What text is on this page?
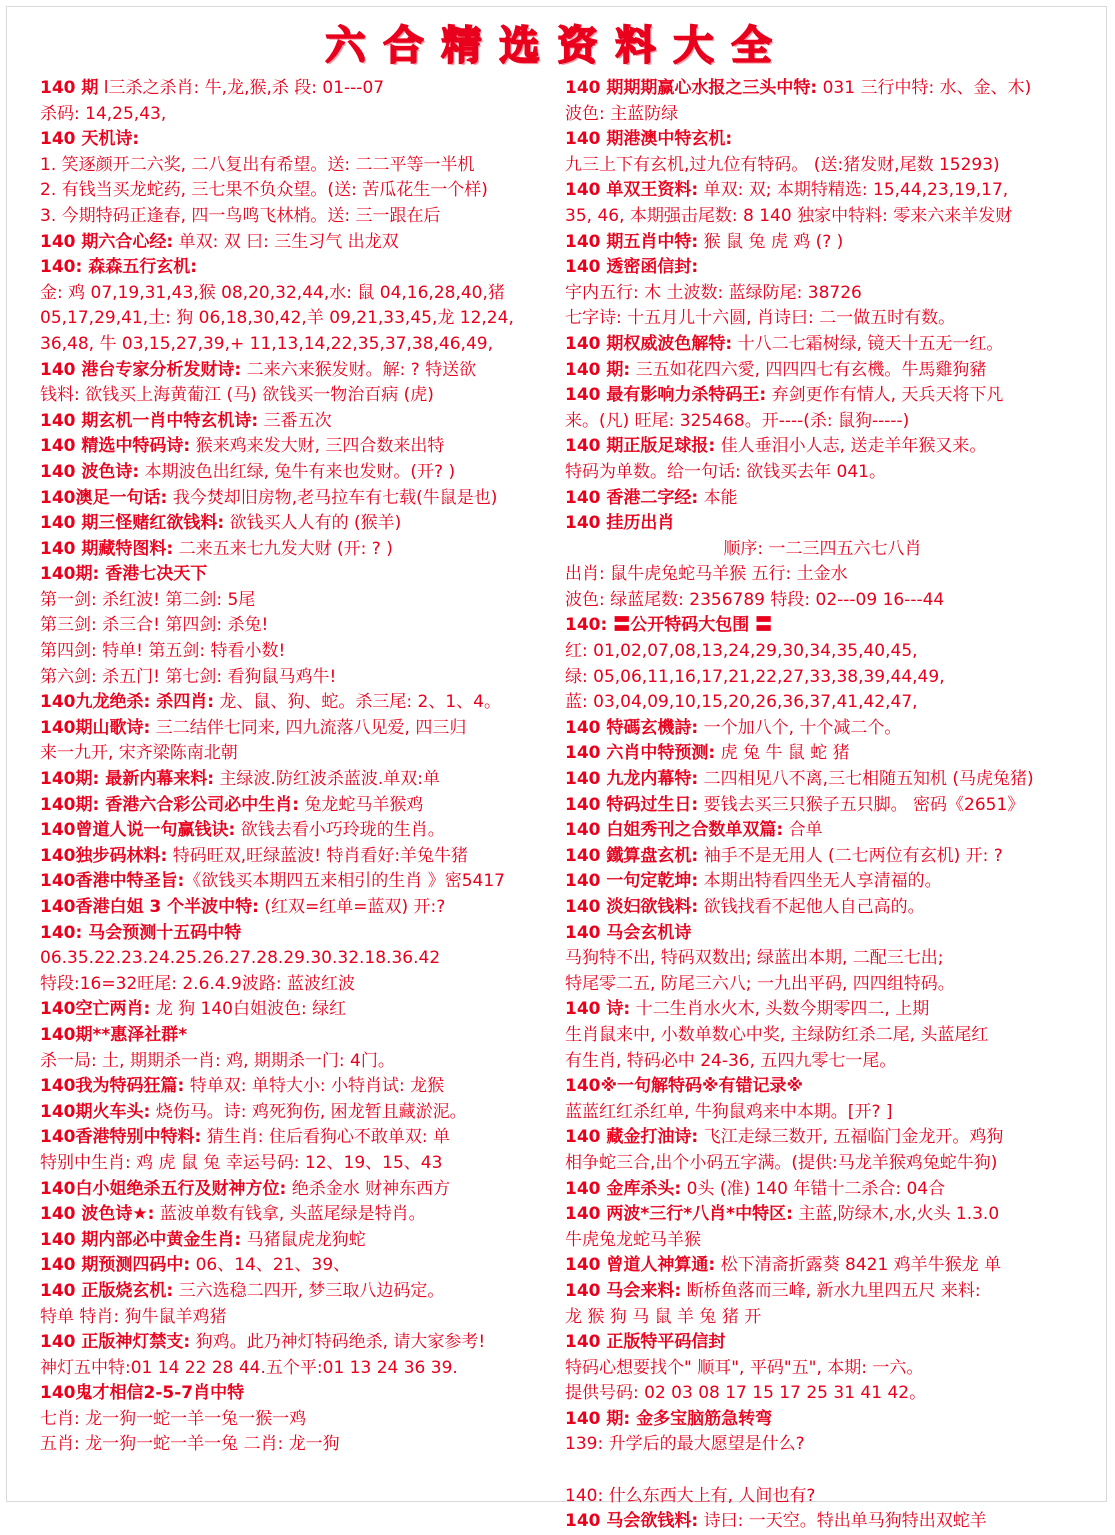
六合精选资料大全
140 期 l三杀之杀肖: 牛,龙,猴,杀 段: 01---07
杀码: 14,25,43,
140 天机诗:
1. 笑逐颜开二六奖, 二八复出有希望。送: 二二平等一半机
2. 有钱当买龙蛇药, 三七果不负众望。(送: 苦瓜花生一个样)
3. 今期特码正逢春, 四一鸟鸣飞林梢。送: 三一跟在后
140 期六合心经: 单双: 双 曰: 三生习气 出龙双
140: 森森五行玄机:
金: 鸡 07,19,31,43,猴 08,20,32,44,水: 鼠 04,16,28,40,猪
05,17,29,41,土: 狗 06,18,30,42,羊 09,21,33,45,龙 12,24,
36,48, 牛 03,15,27,39,+ 11,13,14,22,35,37,38,46,49,
140 港台专家分析发财诗: 二来六来猴发财。解: ? 特送欲
钱料: 欲钱买上海黄葡江 (马) 欲钱买一物治百病 (虎)
140 期玄机一肖中特玄机诗: 三番五次
140 精选中特码诗: 猴来鸡来发大财, 三四合数来出特
140 波色诗: 本期波色出红绿, 兔牛有来也发财。(开? )
140澳足一句话: 我今焚却旧房物,老马拉车有七载(牛鼠是也)
140 期三怪赌红欲钱料: 欲钱买人人有的 (猴羊)
140 期藏特图料: 二来五来七九发大财 (开: ? )
140期: 香港七决天下
第一剑: 杀红波! 第二剑: 5尾
第三剑: 杀三合! 第四剑: 杀兔!
第四剑: 特单! 第五剑: 特看小数!
第六剑: 杀五门! 第七剑: 看狗鼠马鸡牛!
140九龙绝杀: 杀四肖: 龙、鼠、狗、蛇。杀三尾: 2、1、4。
140期山歌诗: 三二结伴七同来, 四九流落八见爱, 四三归
来一九开, 宋齐梁陈南北朝
140期: 最新内幕来料: 主绿波.防红波杀蓝波.单双:单
140期: 香港六合彩公司必中生肖: 兔龙蛇马羊猴鸡
140曾道人说一句赢钱诀: 欲钱去看小巧玲珑的生肖。
140独步码林料: 特码旺双,旺绿蓝波! 特肖看好:羊兔牛猪
140香港中特圣旨:《欲钱买本期四五来相引的生肖 》密5417
140香港白姐 3 个半波中特: (红双=红单=蓝双) 开:?
140: 马会预测十五码中特
06.35.22.23.24.25.26.27.28.29.30.32.18.36.42
特段:16=32旺尾: 2.6.4.9波路: 蓝波红波
140空亡两肖: 龙 狗 140白姐波色: 绿红
140期**惠泽社群*
杀一局: 土, 期期杀一肖: 鸡, 期期杀一门: 4门。
140我为特码狂篇: 特单双: 单特大小: 小特肖试: 龙猴
140期火车头: 烧伤马。诗: 鸡死狗伤, 困龙暂且藏淤泥。
140香港特别中特料: 猜生肖: 住后看狗心不敢单双: 单
特别中生肖: 鸡 虎 鼠 兔 幸运号码: 12、19、15、43
140白小姐绝杀五行及财神方位: 绝杀金水 财神东西方
140 波色诗★: 蓝波单数有钱拿, 头蓝尾绿是特肖。
140 期内部必中黄金生肖: 马猪鼠虎龙狗蛇
140 期预测四码中: 06、14、21、39、
140 正版烧玄机: 三六选稳二四开, 梦三取八边码定。
特单 特肖: 狗牛鼠羊鸡猪
140 正版神灯禁支: 狗鸡。此乃神灯特码绝杀, 请大家参考!
神灯五中特:01 14 22 28 44.五个平:01 13 24 36 39.
140鬼才相信2-5-7肖中特
七肖: 龙一狗一蛇一羊一兔一猴一鸡
五肖: 龙一狗一蛇一羊一兔 二肖: 龙一狗
140 期期期赢心水报之三头中特: 031 三行中特: 水、金、木)
波色: 主蓝防绿
140 期港澳中特玄机:
九三上下有玄机,过九位有特码。 (送:猪发财,尾数 15293)
140 单双王资料: 单双: 双; 本期特精选: 15,44,23,19,17,
35, 46, 本期强击尾数: 8 140 独家中特料: 零来六来羊发财
140 期五肖中特: 猴 鼠 兔 虎 鸡 (? )
140 透密函信封:
宇内五行: 木 土波数: 蓝绿防尾: 38726
七字诗: 十五月儿十六圆, 肖诗曰: 二一做五时有数。
140 期权威波色解特: 十八二七霜树绿, 镜天十五无一红。
140 期: 三五如花四六愛, 四四四七有玄機。牛馬雞狗豬
140 最有影响力杀特码王: 弃剑更作有情人, 天兵天将下凡
来。(凡) 旺尾: 325468。开----(杀: 鼠狗-----)
140 期正版足球报: 佳人垂泪小人志, 送走羊年猴又来。
特码为单数。给一句话: 欲钱买去年 041。
140 香港二字经: 本能
140 挂历出肖
顺序: 一二三四五六七八肖
出肖: 鼠牛虎兔蛇马羊猴 五行: 土金水
波色: 绿蓝尾数: 2356789 特段: 02---09 16---44
140: 〓公开特码大包围 〓
红: 01,02,07,08,13,24,29,30,34,35,40,45,
绿: 05,06,11,16,17,21,22,27,33,38,39,44,49,
蓝: 03,04,09,10,15,20,26,36,37,41,42,47,
140 特碼玄機詩: 一个加八个, 十个减二个。
140 六肖中特预测: 虎 兔 牛 鼠 蛇 猪
140 九龙内幕特: 二四相见八不离,三七相随五知机 (马虎兔猪)
140 特码过生日: 要钱去买三只猴子五只脚。 密码《2651》
140 白姐秀刊之合数单双篇: 合单
140 鐵算盘玄机: 袖手不是无用人 (二七两位有玄机) 开: ?
140 一句定乾坤: 本期出特看四坐无人享清福的。
140 淡妇欲钱料: 欲钱找看不起他人自己高的。
140 马会玄机诗
马狗特不出, 特码双数出; 绿蓝出本期, 二配三七出;
特尾零二五, 防尾三六八; 一九出平码, 四四组特码。
140 诗: 十二生肖水火木, 头数今期零四二, 上期
生肖鼠来中, 小数单数心中奖, 主绿防红杀二尾, 头蓝尾红
有生肖, 特码必中 24-36, 五四九零七一尾。
140※一句解特码※有错记录※
蓝蓝红红杀红单, 牛狗鼠鸡来中本期。[开? ]
140 藏金打油诗: 飞江走绿三数开, 五福临门金龙开。鸡狗
相争蛇三合,出个小码五字满。(提供:马龙羊猴鸡兔蛇牛狗)
140 金库杀头: 0头 (准) 140 年错十二杀合: 04合
140 两波*三行*八肖*中特区: 主蓝,防绿木,水,火头 1.3.0
牛虎兔龙蛇马羊猴
140 曾道人神算通: 松下清斋折露葵 8421 鸡羊牛猴龙 单
140 马会来料: 断桥鱼落而三峰, 新水九里四五尺 来料:
龙 猴 狗 马 鼠 羊 兔 猪 开
140 正版特平码信封
特码心想要找个" 顺耳", 平码"五", 本期: 一六。
提供号码: 02 03 08 17 15 17 25 31 41 42。
140 期: 金多宝脑筋急转弯
139: 升学后的最大愿望是什么?
140: 什么东西大上有, 人间也有?
140 马会欲钱料: 诗曰: 一天空。特出单马狗特出双蛇羊
